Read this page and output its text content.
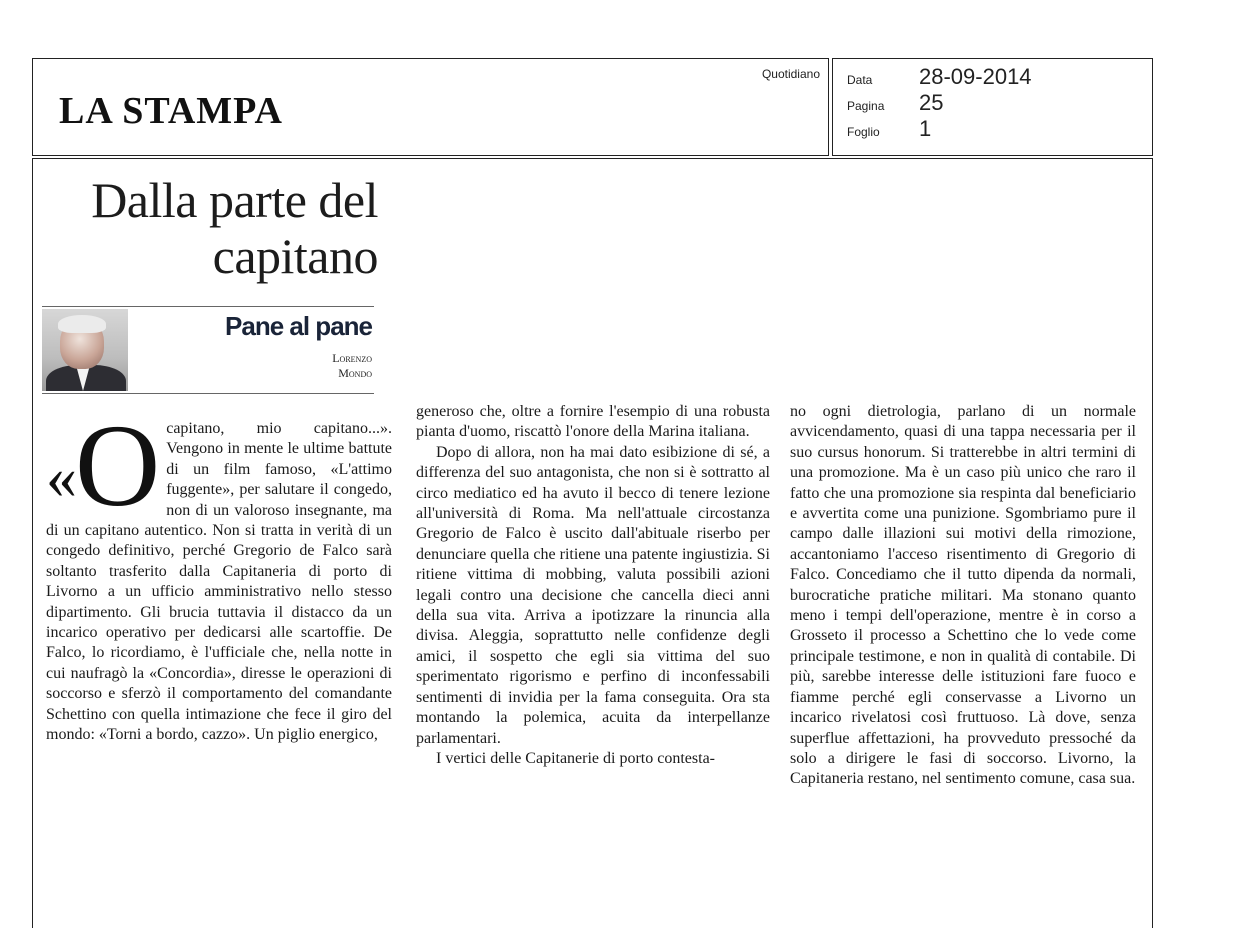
LA STAMPA
Quotidiano Data 28-09-2014
Pagina 25
Foglio 1
Dalla parte del capitano
Pane al pane
Lorenzo
Mondo
«
O capitano, mio capitano...». Vengono in mente le ultime battute di un film famoso, «L'attimo fuggente», per salutare il congedo, non di un valoroso insegnante, ma di un capitano autentico. Non si tratta in verità di un congedo definitivo, perché Gregorio de Falco sarà soltanto trasferito dalla Capitaneria di porto di Livorno a un ufficio amministrativo nello stesso dipartimento. Gli brucia tuttavia il distacco da un incarico operativo per dedicarsi alle scartoffie. De Falco, lo ricordiamo, è l'ufficiale che, nella notte in cui naufragò la «Concordia», diresse le operazioni di soccorso e sferzò il comportamento del comandante Schettino con quella intimazione che fece il giro del mondo: «Torni a bordo, cazzo». Un piglio energico,

generoso che, oltre a fornire l'esempio di una robusta pianta d'uomo, riscattò l'onore della Marina italiana.

Dopo di allora, non ha mai dato esibizione di sé, a differenza del suo antagonista, che non si è sottratto al circo mediatico ed ha avuto il becco di tenere lezione all'università di Roma. Ma nell'attuale circostanza Gregorio de Falco è uscito dall'abituale riserbo per denunciare quella che ritiene una patente ingiustizia. Si ritiene vittima di mobbing, valuta possibili azioni legali contro una decisione che cancella dieci anni della sua vita. Arriva a ipotizzare la rinuncia alla divisa. Aleggia, soprattutto nelle confidenze degli amici, il sospetto che egli sia vittima del suo sperimentato rigorismo e perfino di inconfessabili sentimenti di invidia per la fama conseguita. Ora sta montando la polemica, acuita da interpellanze parlamentari.

I vertici delle Capitanerie di porto contesta-

no ogni dietrologia, parlano di un normale avvicendamento, quasi di una tappa necessaria per il suo cursus honorum. Si tratterebbe in altri termini di una promozione. Ma è un caso più unico che raro il fatto che una promozione sia respinta dal beneficiario e avvertita come una punizione. Sgombriamo pure il campo dalle illazioni sui motivi della rimozione, accantoniamo l'acceso risentimento di Gregorio di Falco. Concediamo che il tutto dipenda da normali, burocratiche pratiche militari. Ma stonano quanto meno i tempi dell'operazione, mentre è in corso a Grosseto il processo a Schettino che lo vede come principale testimone, e non in qualità di contabile. Di più, sarebbe interesse delle istituzioni fare fuoco e fiamme perché egli conservasse a Livorno un incarico rivelatosi così fruttuoso. Là dove, senza superflue affettazioni, ha provveduto pressoché da solo a dirigere le fasi di soccorso. Livorno, la Capitaneria restano, nel sentimento comune, casa sua.
